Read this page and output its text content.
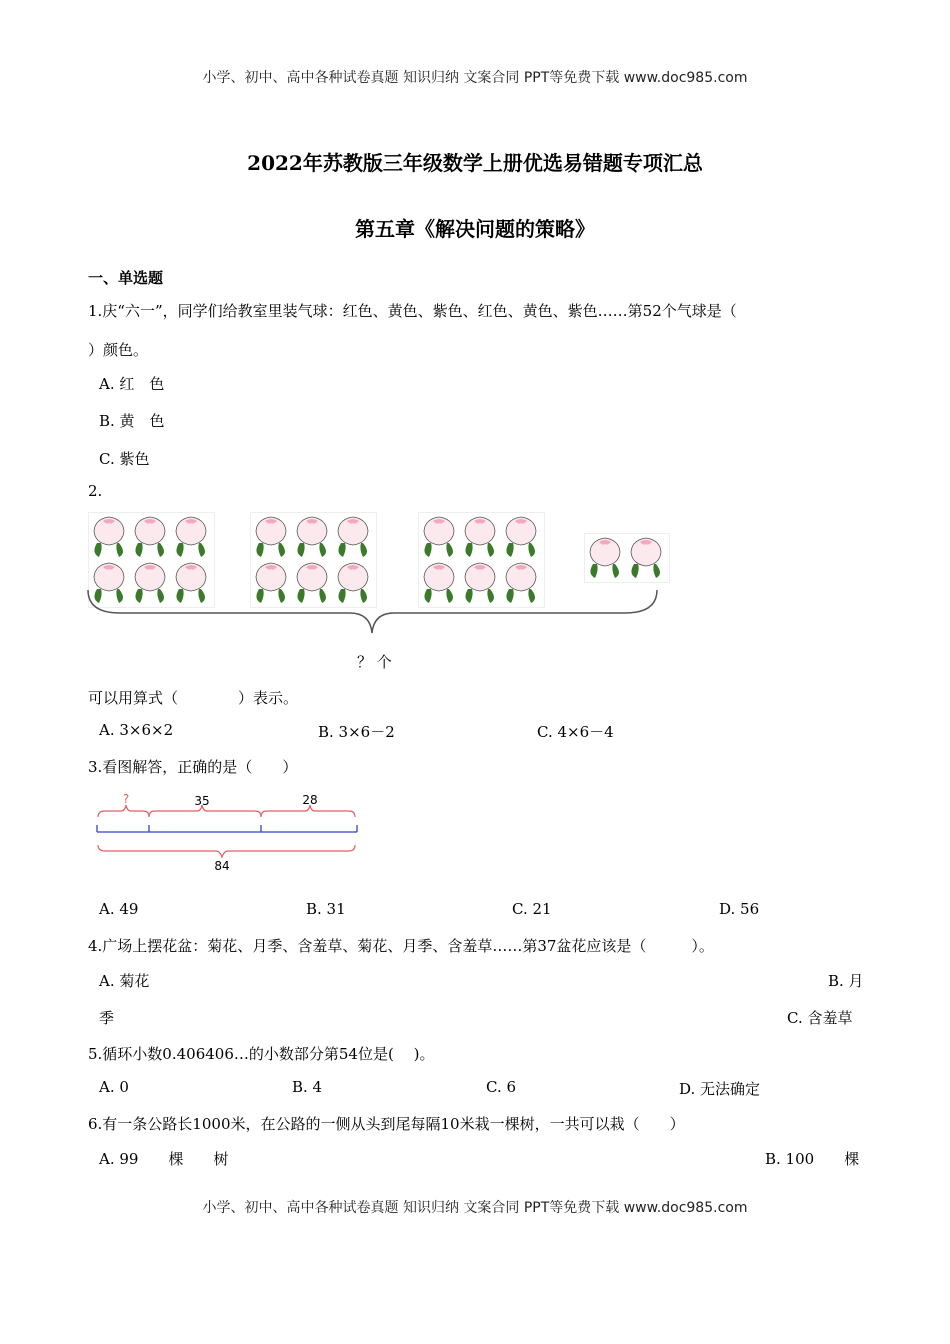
小学、初中、高中各种试卷真题 知识归纳 文案合同 PPT等免费下载 www.doc985.com
2022年苏教版三年级数学上册优选易错题专项汇总
第五章《解决问题的策略》
一、单选题
1.庆“六一”，同学们给教室里装气球：红色、黄色、紫色、红色、黄色、紫色……第52个气球是（
）颜色。
A. 红　色
B. 黄　色
C. 紫色
2.
？ 个
可以用算式（　　　　）表示。
A. 3×6×2	B. 3×6－2	C. 4×6－4
3.看图解答，正确的是（　　）
?	35	28
84
A. 49	B. 31	C. 21	D. 56
4.广场上摆花盆：菊花、月季、含羞草、菊花、月季、含羞草……第37盆花应该是（　　　）。
A. 菊花	B. 月
季	C. 含羞草
5.循环小数0.406406…的小数部分第54位是(　 )。
A. 0	B. 4	C. 6	D. 无法确定
6.有一条公路长1000米，在公路的一侧从头到尾每隔10米栽一棵树，一共可以栽（　　）
A. 99　　棵　　树	B. 100　　棵
小学、初中、高中各种试卷真题 知识归纳 文案合同 PPT等免费下载 www.doc985.com
